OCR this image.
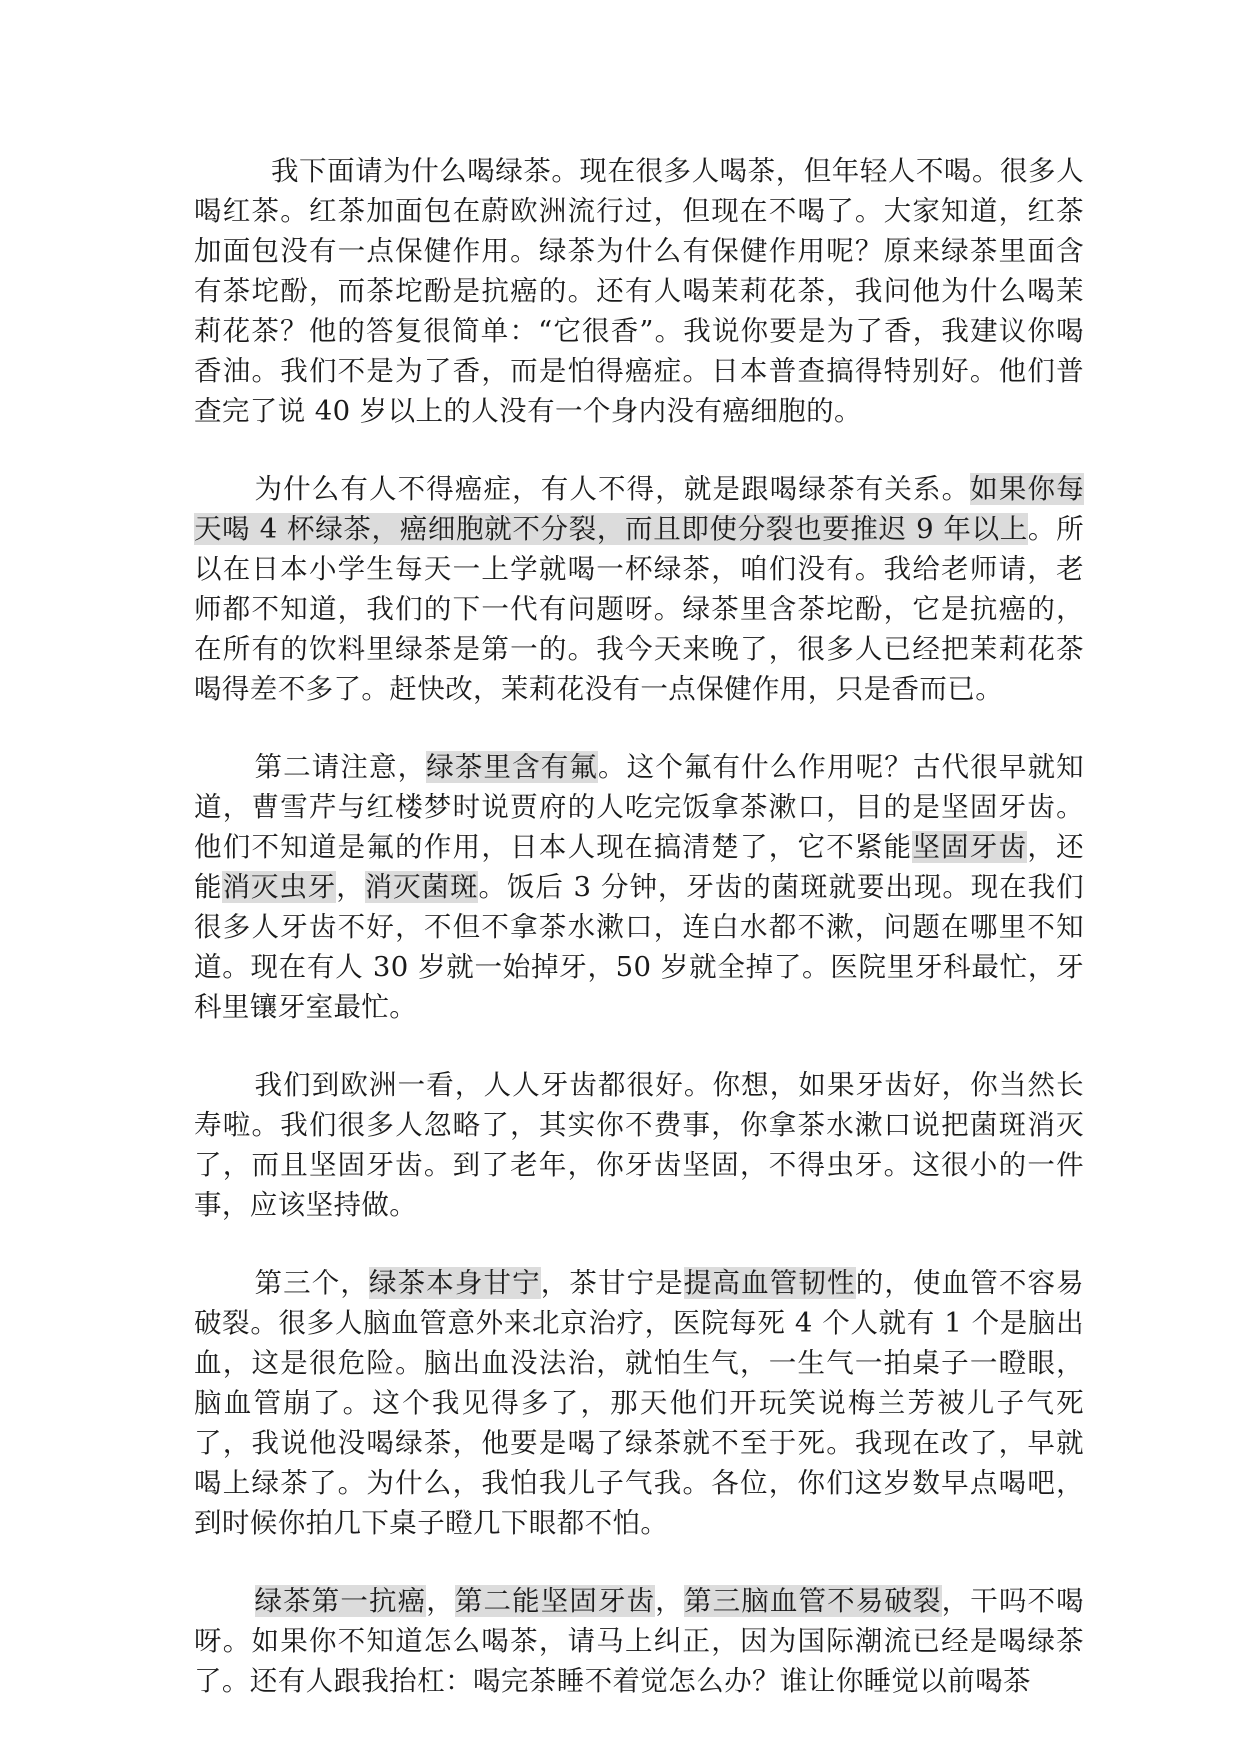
我下面请为什么喝绿茶。现在很多人喝茶，但年轻人不喝。很多人喝红茶。红茶加面包在蔚欧洲流行过，但现在不喝了。大家知道，红茶加面包没有一点保健作用。绿茶为什么有保健作用呢？原来绿茶里面含有茶坨酚，而茶坨酚是抗癌的。还有人喝茉莉花茶，我问他为什么喝茉莉花茶？他的答复很简单：“它很香”。我说你要是为了香，我建议你喝香油。我们不是为了香，而是怕得癌症。日本普查搞得特别好。他们普查完了说 40 岁以上的人没有一个身内没有癌细胞的。

为什么有人不得癌症，有人不得，就是跟喝绿茶有关系。如果你每天喝 4 杯绿茶，癌细胞就不分裂，而且即使分裂也要推迟 9 年以上。所以在日本小学生每天一上学就喝一杯绿茶，咱们没有。我给老师请，老师都不知道，我们的下一代有问题呀。绿茶里含茶坨酚，它是抗癌的，在所有的饮料里绿茶是第一的。我今天来晚了，很多人已经把茉莉花茶喝得差不多了。赶快改，茉莉花没有一点保健作用，只是香而已。

第二请注意，绿茶里含有氟。这个氟有什么作用呢？古代很早就知道，曹雪芹与红楼梦时说贾府的人吃完饭拿茶漱口，目的是坚固牙齿。他们不知道是氟的作用，日本人现在搞清楚了，它不紧能坚固牙齿，还能消灭虫牙，消灭菌斑。饭后 3 分钟，牙齿的菌斑就要出现。现在我们很多人牙齿不好，不但不拿茶水漱口，连白水都不漱，问题在哪里不知道。现在有人 30 岁就一始掉牙，50 岁就全掉了。医院里牙科最忙，牙科里镶牙室最忙。

我们到欧洲一看，人人牙齿都很好。你想，如果牙齿好，你当然长寿啦。我们很多人忽略了，其实你不费事，你拿茶水漱口说把菌斑消灭了，而且坚固牙齿。到了老年，你牙齿坚固，不得虫牙。这很小的一件事，应该坚持做。

第三个，绿茶本身甘宁，茶甘宁是提高血管韧性的，使血管不容易破裂。很多人脑血管意外来北京治疗，医院每死 4 个人就有 1 个是脑出血，这是很危险。脑出血没法治，就怕生气，一生气一拍桌子一瞪眼，脑血管崩了。这个我见得多了，那天他们开玩笑说梅兰芳被儿子气死了，我说他没喝绿茶，他要是喝了绿茶就不至于死。我现在改了，早就喝上绿茶了。为什么，我怕我儿子气我。各位，你们这岁数早点喝吧，到时候你拍几下桌子瞪几下眼都不怕。

绿茶第一抗癌，第二能坚固牙齿，第三脑血管不易破裂，干吗不喝呀。如果你不知道怎么喝茶，请马上纠正，因为国际潮流已经是喝绿茶了。还有人跟我抬杠：喝完茶睡不着觉怎么办？谁让你睡觉以前喝茶
